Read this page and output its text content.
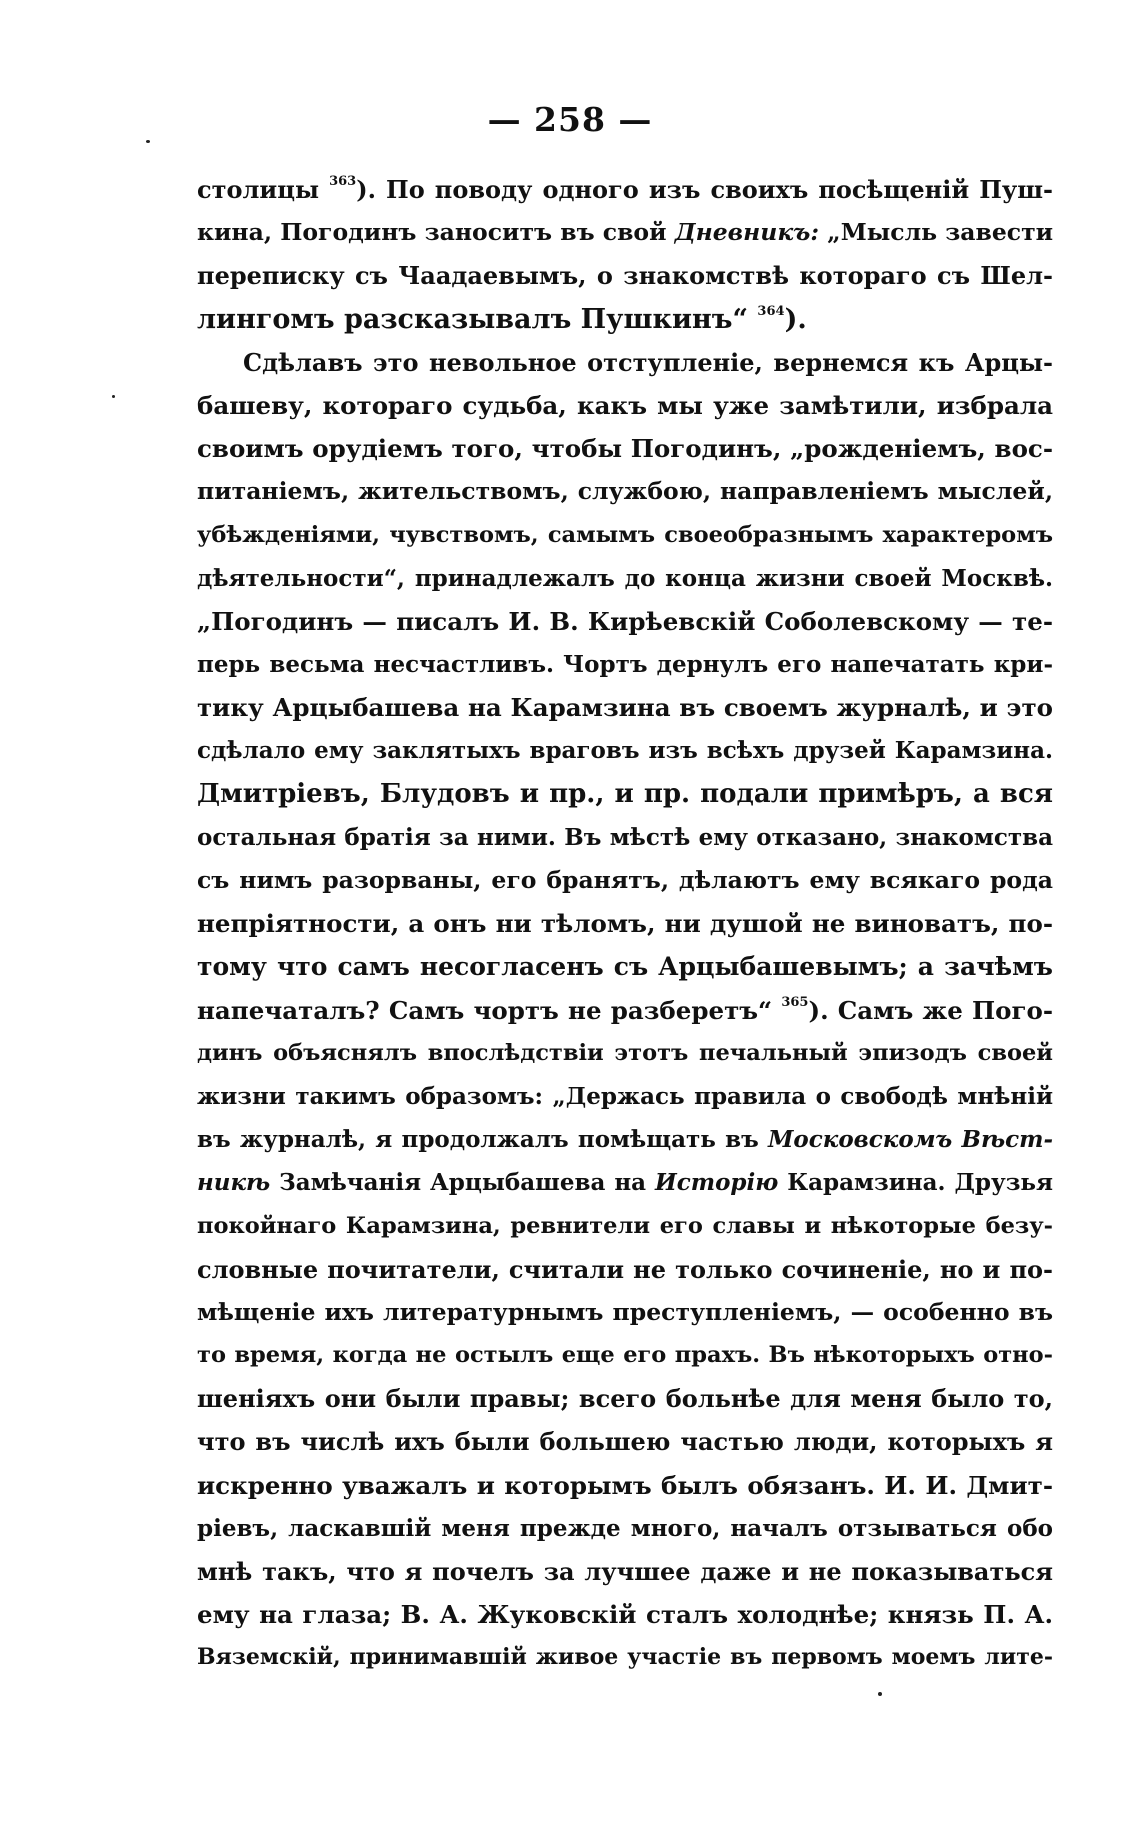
— 258 —
столицы $^{363}$). По поводу одного изъ своихъ посѣщеній Пуш-
кина, Погодинъ заноситъ въ свой Дневникъ: „Мысль завести
переписку съ Чаадаевымъ, о знакомствѣ котораго съ Шел-
лингомъ разсказывалъ Пушкинъ“ $^{364}$).
Сдѣлавъ это невольное отступленіе, вернемся къ Арцы-
башеву, котораго судьба, какъ мы уже замѣтили, избрала
своимъ орудіемъ того, чтобы Погодинъ, „рожденіемъ, вос-
питаніемъ, жительствомъ, службою, направленіемъ мыслей,
убѣжденіями, чувствомъ, самымъ своеобразнымъ характеромъ
дѣятельности“, принадлежалъ до конца жизни своей Москвѣ.
„Погодинъ — писалъ И. В. Кирѣевскій Соболевскому — те-
перь весьма несчастливъ. Чортъ дернулъ его напечатать кри-
тику Арцыбашева на Карамзина въ своемъ журналѣ, и это
сдѣлало ему заклятыхъ враговъ изъ всѣхъ друзей Карамзина.
Дмитріевъ, Блудовъ и пр., и пр. подали примѣръ, а вся
остальная братія за ними. Въ мѣстѣ ему отказано, знакомства
съ нимъ разорваны, его бранятъ, дѣлаютъ ему всякаго рода
непріятности, а онъ ни тѣломъ, ни душой не виноватъ, по-
тому что самъ несогласенъ съ Арцыбашевымъ; а зачѣмъ
напечаталъ? Самъ чортъ не разберетъ“ $^{365}$). Самъ же Пого-
динъ объяснялъ впослѣдствіи этотъ печальный эпизодъ своей
жизни такимъ образомъ: „Держась правила о свободѣ мнѣній
въ журналѣ, я продолжалъ помѣщать въ Московскомъ Вѣст-
никѣ Замѣчанія Арцыбашева на Исторію Карамзина. Друзья
покойнаго Карамзина, ревнители его славы и нѣкоторые безу-
словные почитатели, считали не только сочиненіе, но и по-
мѣщеніе ихъ литературнымъ преступленіемъ, — особенно въ
то время, когда не остылъ еще его прахъ. Въ нѣкоторыхъ отно-
шеніяхъ они были правы; всего больнѣе для меня было то,
что въ числѣ ихъ были большею частью люди, которыхъ я
искренно уважалъ и которымъ былъ обязанъ. И. И. Дмит-
ріевъ, ласкавшій меня прежде много, началъ отзываться обо
мнѣ такъ, что я почелъ за лучшее даже и не показываться
ему на глаза; В. А. Жуковскій сталъ холоднѣе; князь П. А.
Вяземскій, принимавшій живое участіе въ первомъ моемъ лите-
